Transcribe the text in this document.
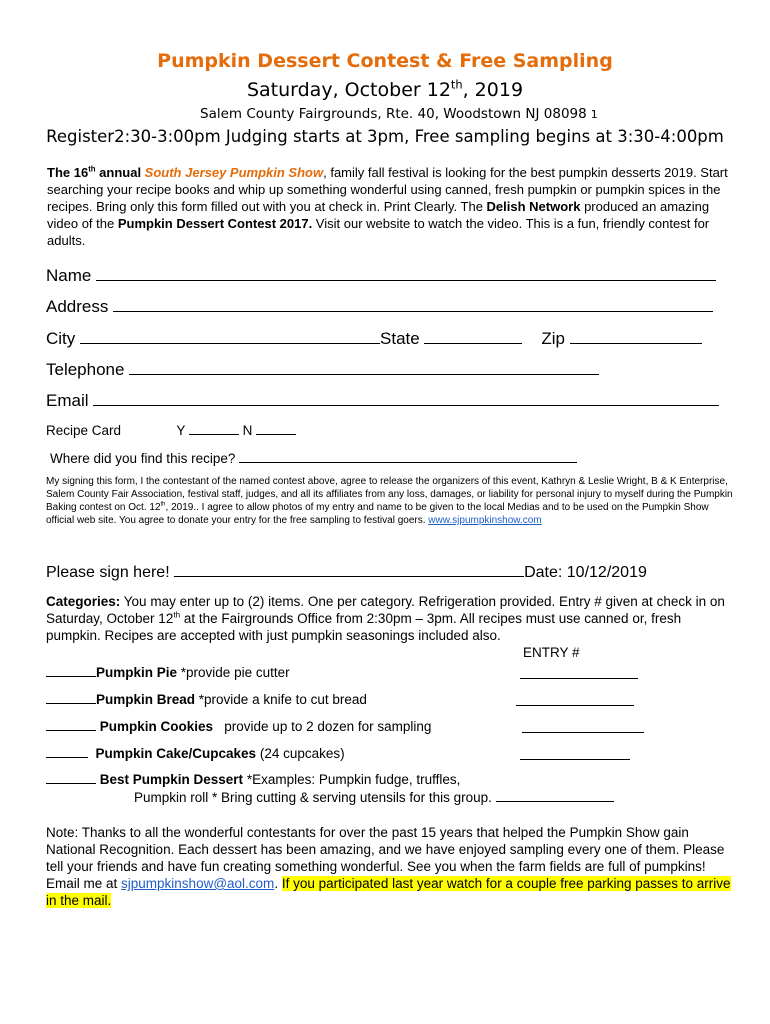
Pumpkin Dessert Contest & Free Sampling
Saturday, October 12th, 2019
Salem County Fairgrounds, Rte. 40, Woodstown NJ 08098 1
Register2:30-3:00pm Judging starts at 3pm, Free sampling begins at 3:30-4:00pm
The 16th annual South Jersey Pumpkin Show, family fall festival is looking for the best pumpkin desserts 2019. Start searching your recipe books and whip up something wonderful using canned, fresh pumpkin or pumpkin spices in the recipes. Bring only this form filled out with you at check in. Print Clearly. The Delish Network produced an amazing video of the Pumpkin Dessert Contest 2017. Visit our website to watch the video. This is a fun, friendly contest for adults.
Name
Address
City	State	Zip
Telephone
Email
Recipe Card	Y	N
Where did you find this recipe?
My signing this form, I the contestant of the named contest above, agree to release the organizers of this event, Kathryn & Leslie Wright, B & K Enterprise, Salem County Fair Association, festival staff, judges, and all its affiliates from any loss, damages, or liability for personal injury to myself during the Pumpkin Baking contest on Oct. 12th, 2019.. I agree to allow photos of my entry and name to be given to the local Medias and to be used on the Pumpkin Show official web site. You agree to donate your entry for the free sampling to festival goers. www.sjpumpkinshow.com
Please sign here!	Date: 10/12/2019
Categories: You may enter up to (2) items. One per category. Refrigeration provided. Entry # given at check in on Saturday, October 12th at the Fairgrounds Office from 2:30pm – 3pm. All recipes must use canned or, fresh pumpkin. Recipes are accepted with just pumpkin seasonings included also.
ENTRY #
Pumpkin Pie *provide pie cutter
Pumpkin Bread *provide a knife to cut bread
Pumpkin Cookies   provide up to 2 dozen for sampling
Pumpkin Cake/Cupcakes (24 cupcakes)
Best Pumpkin Dessert *Examples: Pumpkin fudge, truffles,
Pumpkin roll * Bring cutting & serving utensils for this group.
Note: Thanks to all the wonderful contestants for over the past 15 years that helped the Pumpkin Show gain National Recognition. Each dessert has been amazing, and we have enjoyed sampling every one of them. Please tell your friends and have fun creating something wonderful. See you when the farm fields are full of pumpkins! Email me at sjpumpkinshow@aol.com. If you participated last year watch for a couple free parking passes to arrive in the mail.
